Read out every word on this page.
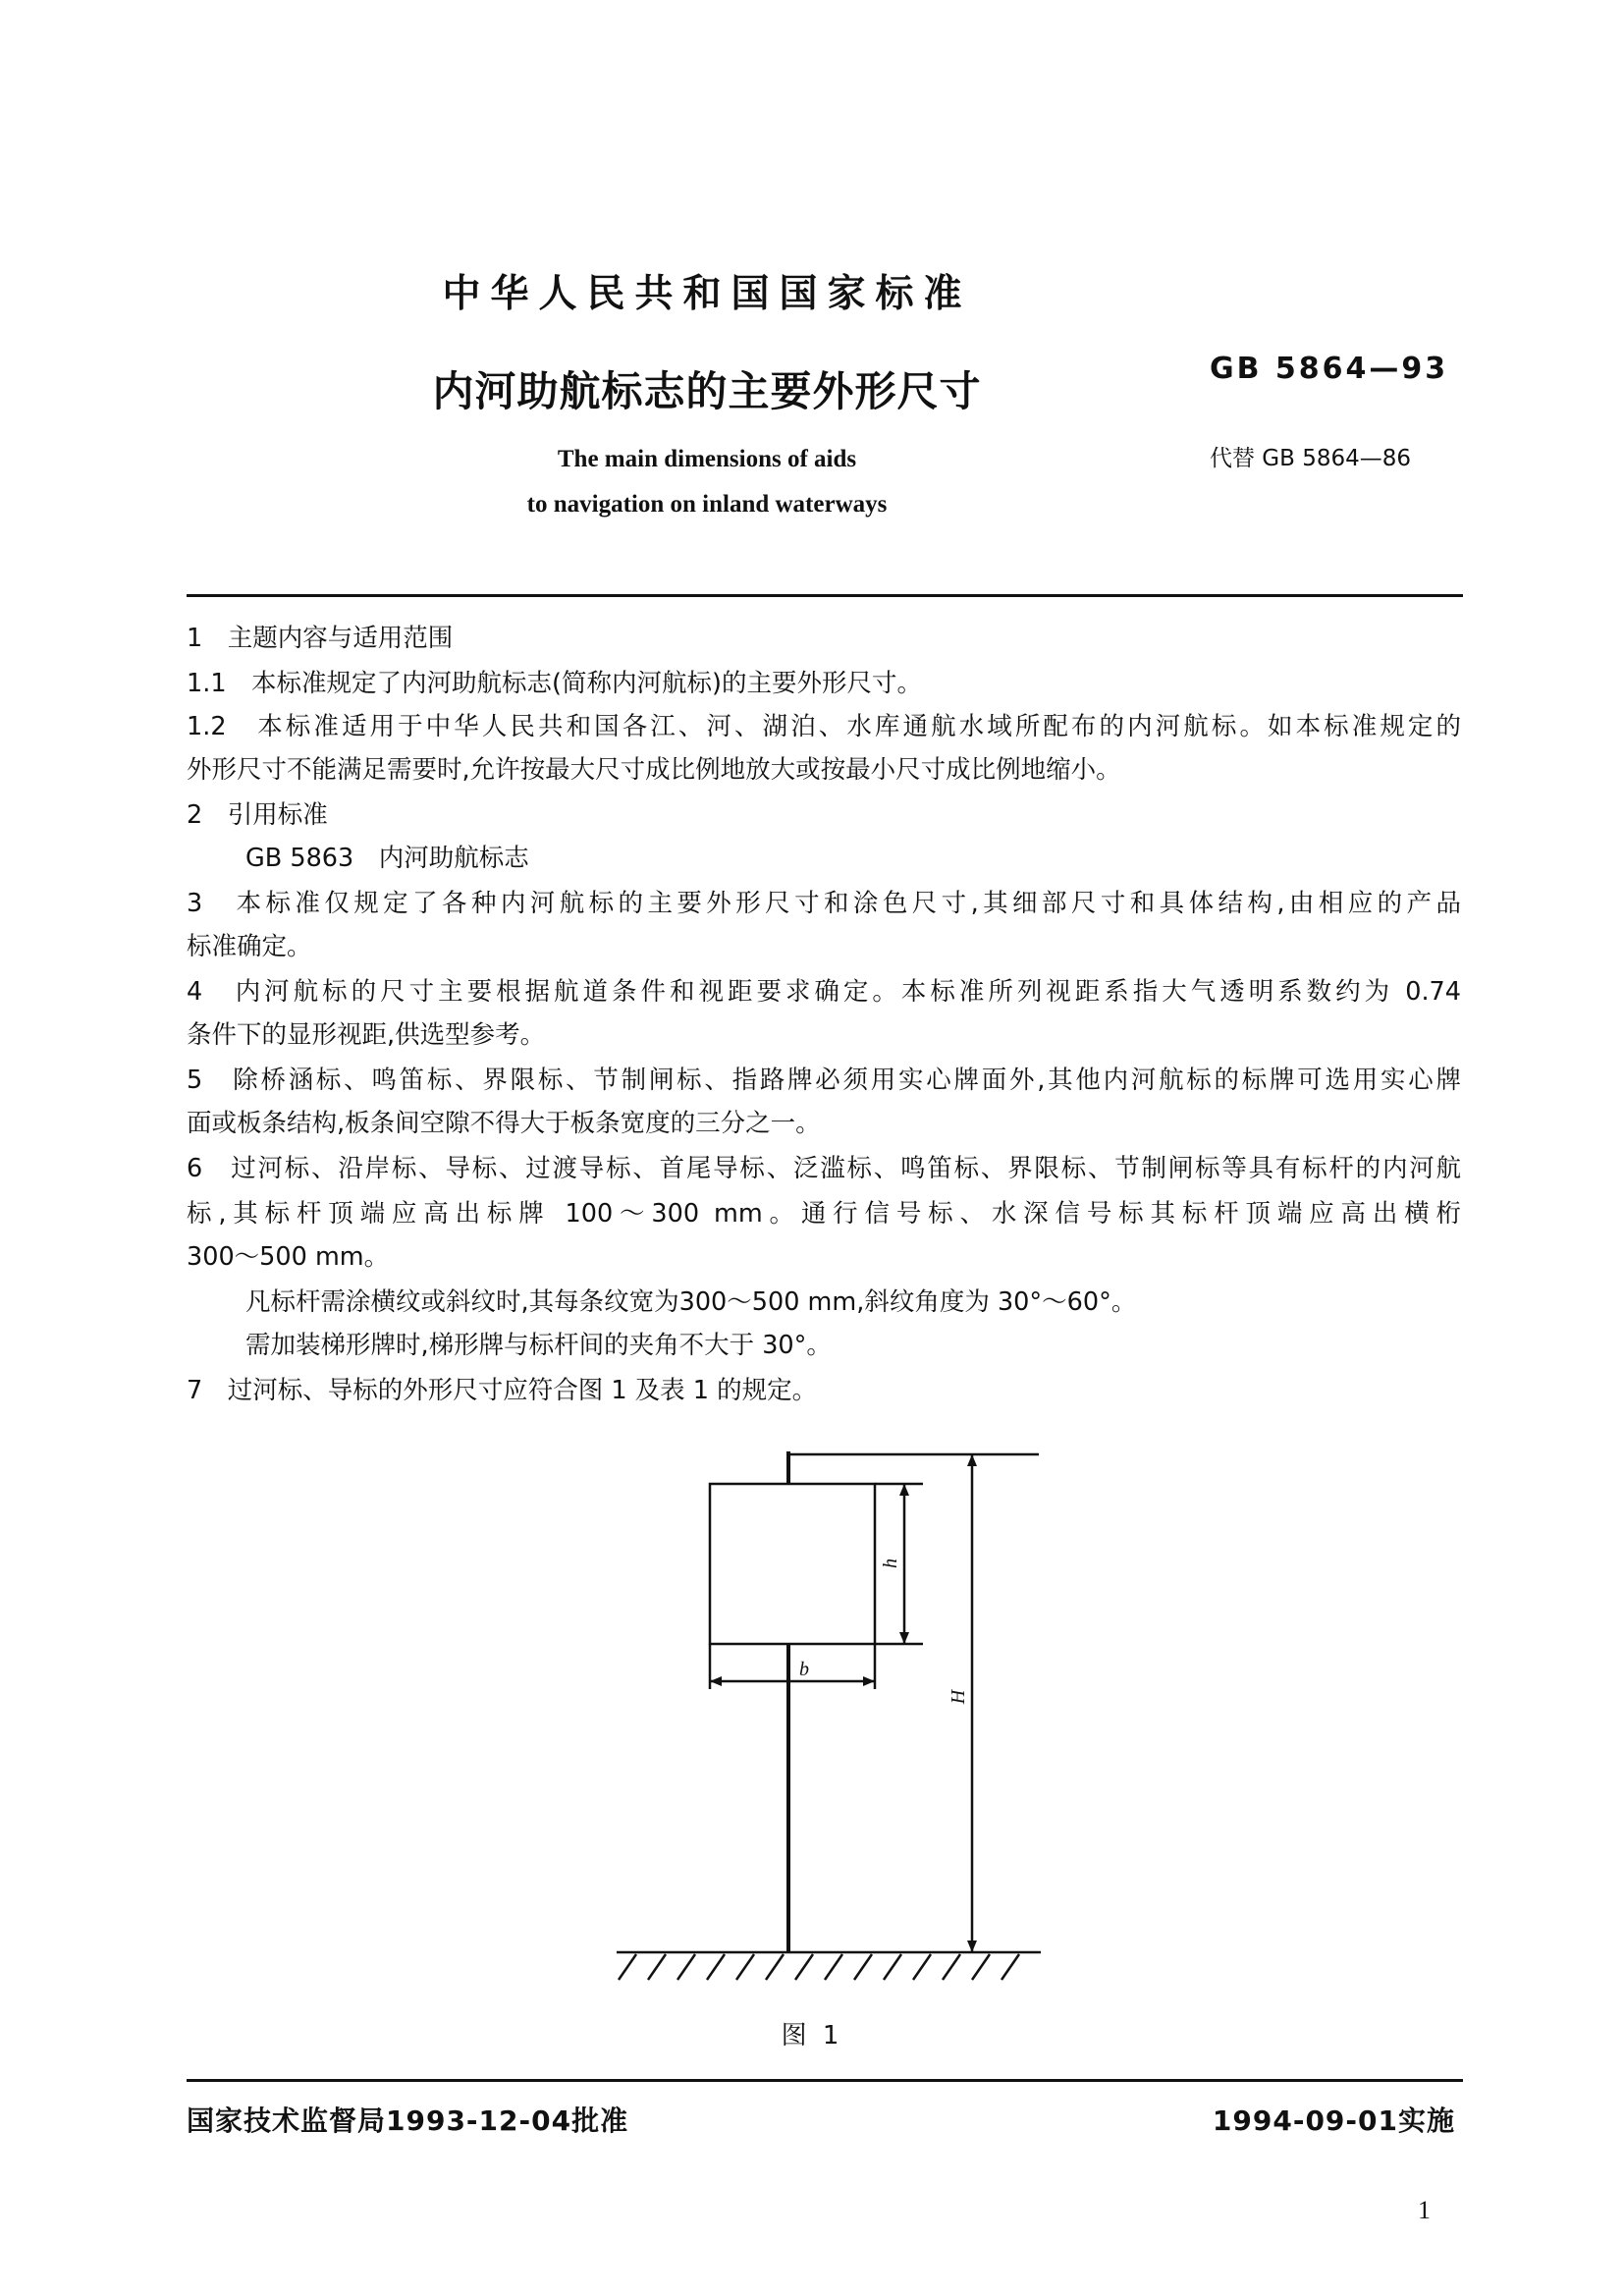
中华人民共和国国家标准
内河助航标志的主要外形尺寸	GB 5864—93
代替 GB 5864—86
The main dimensions of aids
to navigation on inland waterways
1　主题内容与适用范围
1.1　本标准规定了内河助航标志(简称内河航标)的主要外形尺寸。
1.2　本标准适用于中华人民共和国各江、河、湖泊、水库通航水域所配布的内河航标。如本标准规定的
外形尺寸不能满足需要时,允许按最大尺寸成比例地放大或按最小尺寸成比例地缩小。
2　引用标准
GB 5863　内河助航标志
3　本标准仅规定了各种内河航标的主要外形尺寸和涂色尺寸,其细部尺寸和具体结构,由相应的产品
标准确定。
4　内河航标的尺寸主要根据航道条件和视距要求确定。本标准所列视距系指大气透明系数约为 0.74
条件下的显形视距,供选型参考。
5　除桥涵标、鸣笛标、界限标、节制闸标、指路牌必须用实心牌面外,其他内河航标的标牌可选用实心牌
面或板条结构,板条间空隙不得大于板条宽度的三分之一。
6　过河标、沿岸标、导标、过渡导标、首尾导标、泛滥标、鸣笛标、界限标、节制闸标等具有标杆的内河航
标,其标杆顶端应高出标牌 100～300 mm。通行信号标、水深信号标其标杆顶端应高出横桁
300～500 mm。
凡标杆需涂横纹或斜纹时,其每条纹宽为300～500 mm,斜纹角度为 30°～60°。
需加装梯形牌时,梯形牌与标杆间的夹角不大于 30°。
7　过河标、导标的外形尺寸应符合图 1 及表 1 的规定。
h
b
H
图 1
国家技术监督局1993-12-04批准	1994-09-01实施
1
